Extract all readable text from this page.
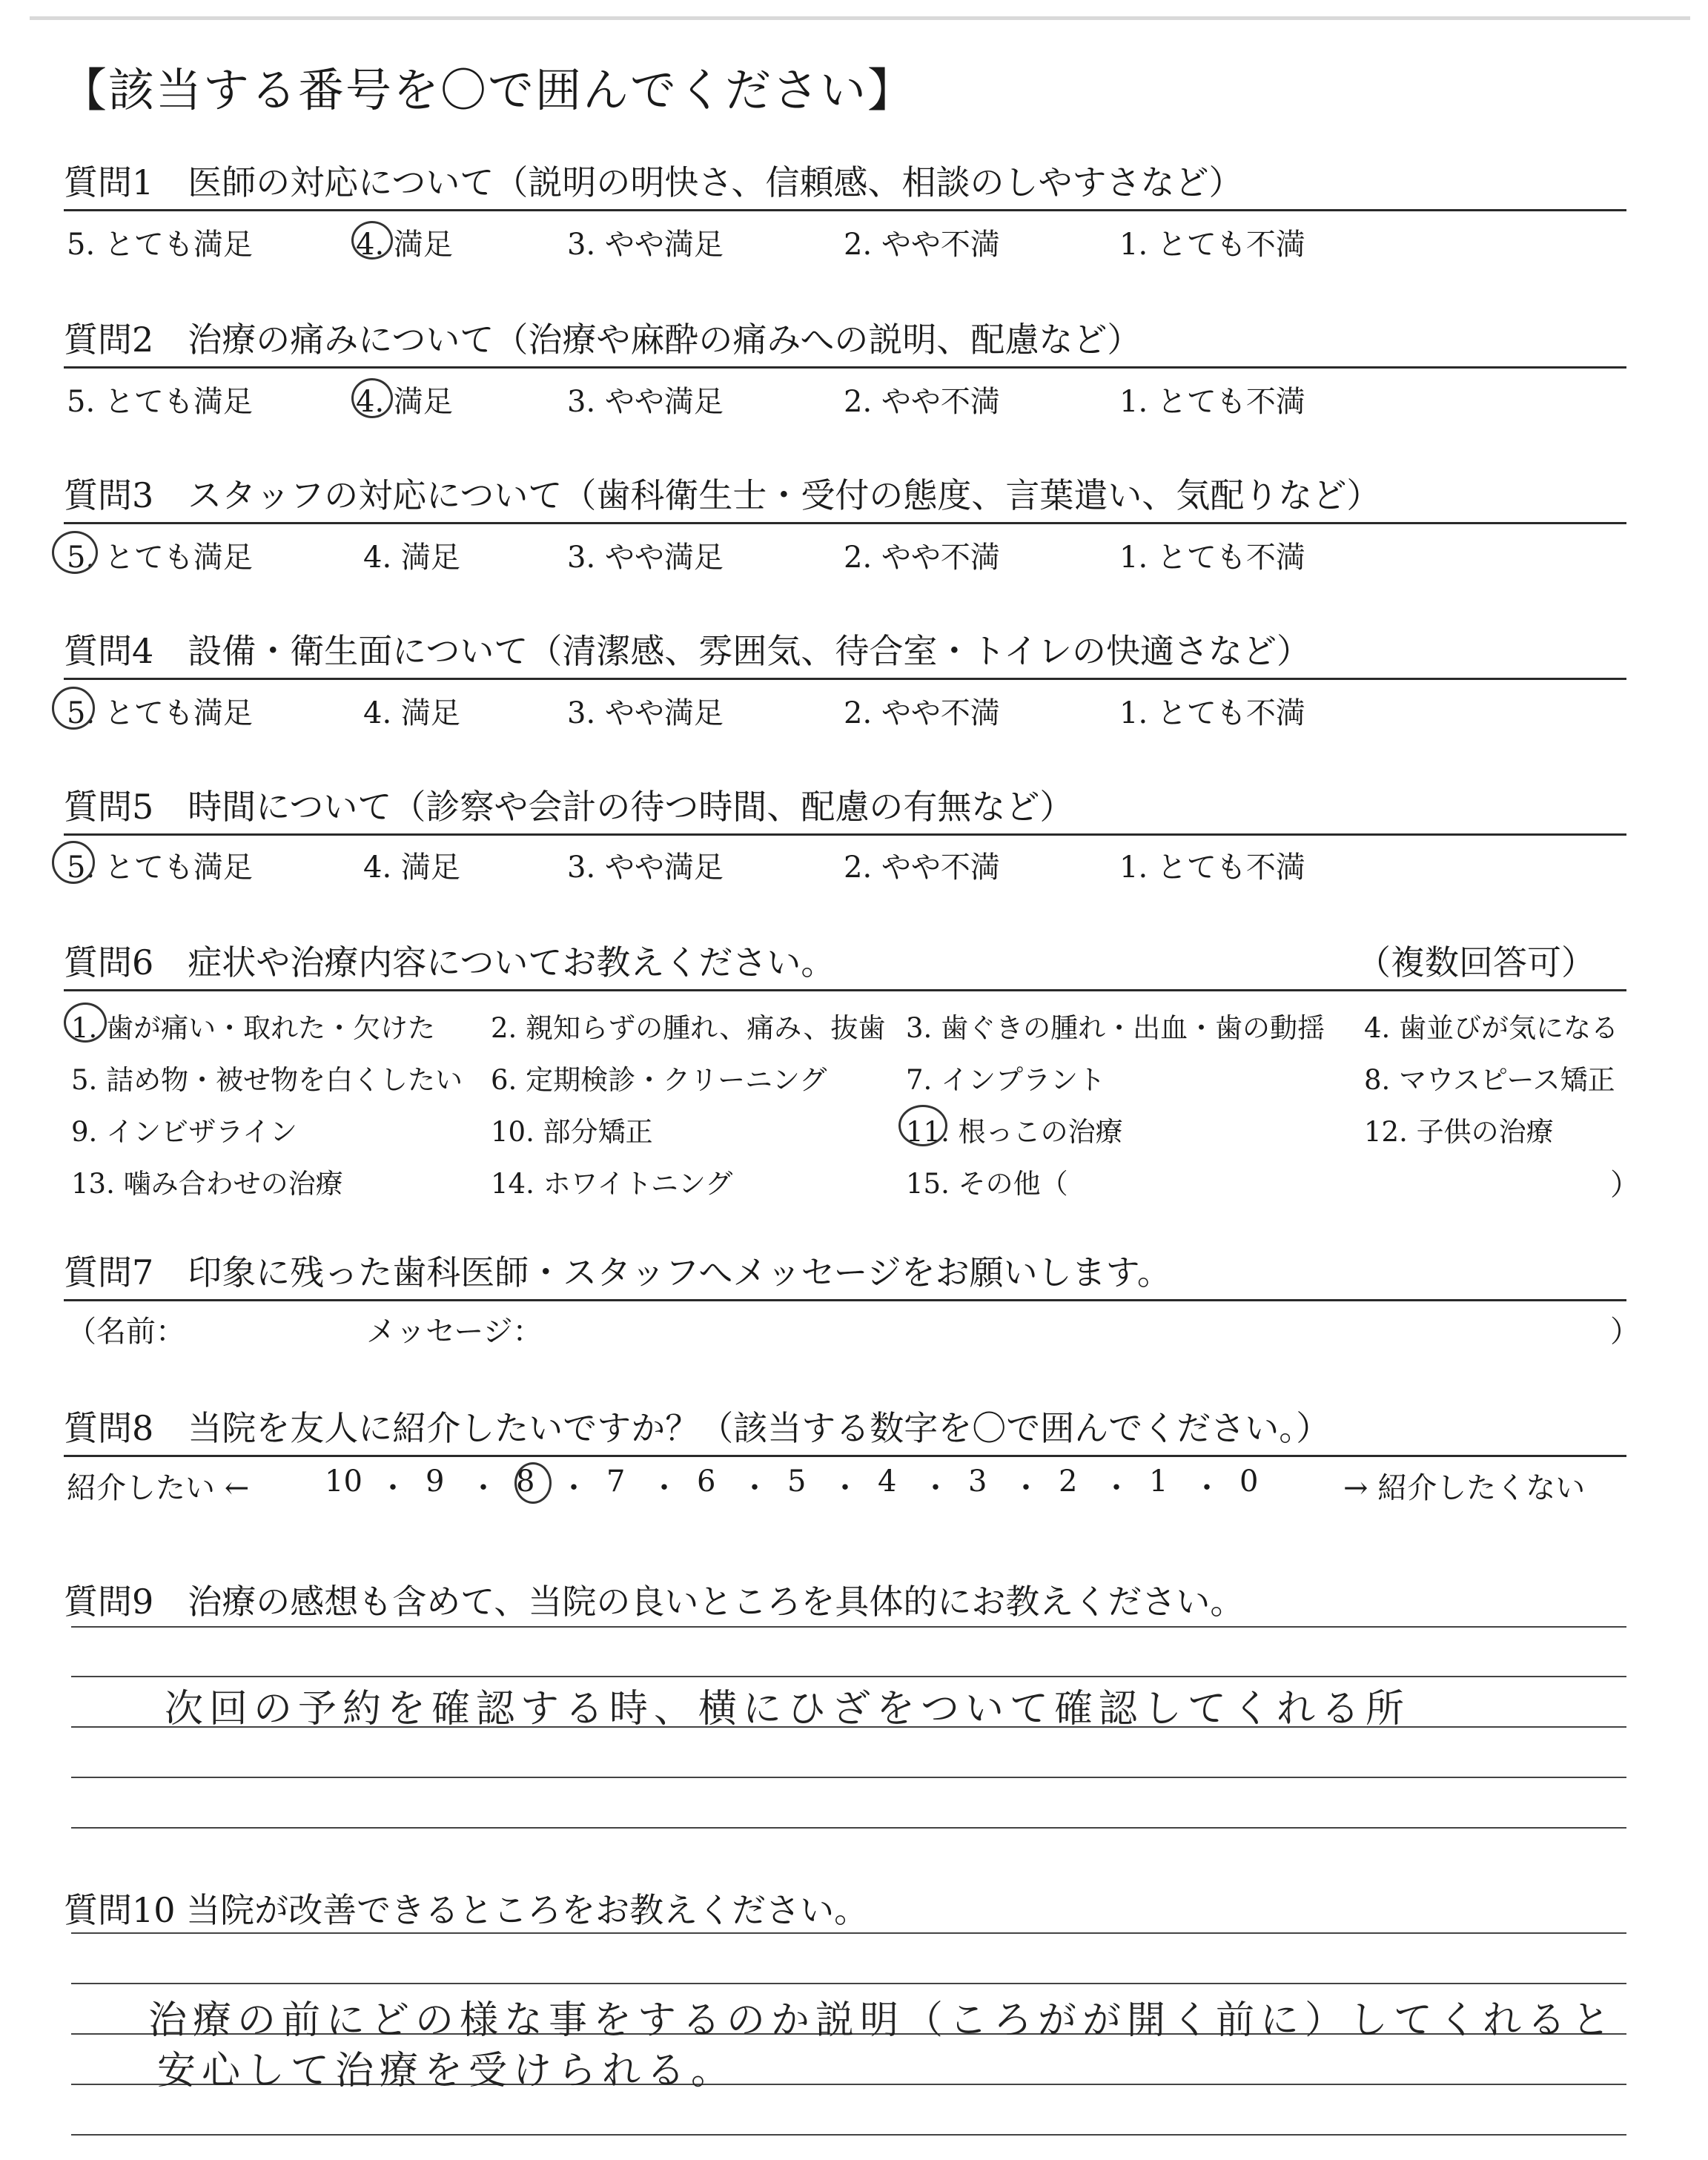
【該当する番号を〇で囲んでください】
質問1　医師の対応について（説明の明快さ、信頼感、相談のしやすさなど）
5. とても満足	4. 満足	3. やや満足	2. やや不満	1. とても不満
質問2　治療の痛みについて（治療や麻酔の痛みへの説明、配慮など）
5. とても満足	4. 満足	3. やや満足	2. やや不満	1. とても不満
質問3　スタッフの対応について（歯科衛生士・受付の態度、言葉遣い、気配りなど）
5. とても満足	4. 満足	3. やや満足	2. やや不満	1. とても不満
質問4　設備・衛生面について（清潔感、雰囲気、待合室・トイレの快適さなど）
5. とても満足	4. 満足	3. やや満足	2. やや不満	1. とても不満
質問5　時間について（診察や会計の待つ時間、配慮の有無など）
5. とても満足	4. 満足	3. やや満足	2. やや不満	1. とても不満
質問6　症状や治療内容についてお教えください。	（複数回答可）
1. 歯が痛い・取れた・欠けた 2. 親知らずの腫れ、痛み、抜歯 3. 歯ぐきの腫れ・出血・歯の動揺 4. 歯並びが気になる
5. 詰め物・被せ物を白くしたい 6. 定期検診・クリーニング	7. インプラント	8. マウスピース矯正
9. インビザライン	10. 部分矯正	11. 根っこの治療	12. 子供の治療
13. 噛み合わせの治療	14. ホワイトニング	15. その他（	）
質問7　印象に残った歯科医師・スタッフへメッセージをお願いします。
（名前：	メッセージ：	）
質問8　当院を友人に紹介したいですか？（該当する数字を〇で囲んでください。）
紹介したい ←	10 ・ 9 ・ 8 ・ 7 ・ 6 ・ 5 ・ 4 ・ 3 ・ 2 ・ 1 ・ 0	→ 紹介したくない
質問9　治療の感想も含めて、当院の良いところを具体的にお教えください。
次回の予約を確認する時、横にひざをついて確認してくれる所
質問10 当院が改善できるところをお教えください。
治療の前にどの様な事をするのか説明（ころがが開く前に）してくれると
安心して治療を受けられる。
